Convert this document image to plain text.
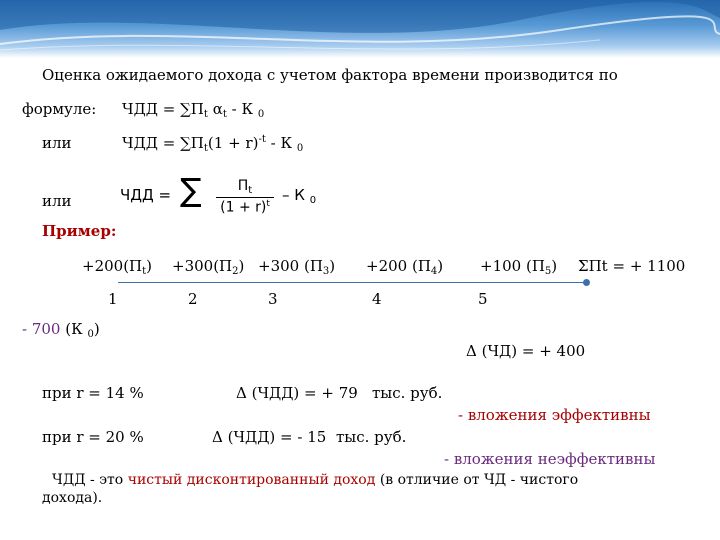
Оценка ожидаемого дохода с учетом фактора времени производится по
формуле: ЧДД = $\sum П_t$ $\alpha_t$ - К $_0$
или	ЧДД = $\sum П_t(1 + r)^{-t} - К$ $_0$
или	ЧДД = ∑	$П_t$
$(1 + r)^t - К$ $_0$
Пример:
$+200(П_t) +300(П_2) +300$ $(П_3) +200$ $(П_4) +100$ $(П_5) \Sigma Пt$ = + 1100
1	2	3	4	5
- 700 (К $_0$)
Δ (ЧД) = + 400
при r = 14 %	Δ (ЧДД) = + 79 тыс. руб.
- вложения эффективны
при r = 20 %	Δ (ЧДД) = - 15 тыс. руб.
- вложения неэффективны
ЧДД - это чистый дисконтированный доход (в отличие от ЧД - чистого
дохода).
